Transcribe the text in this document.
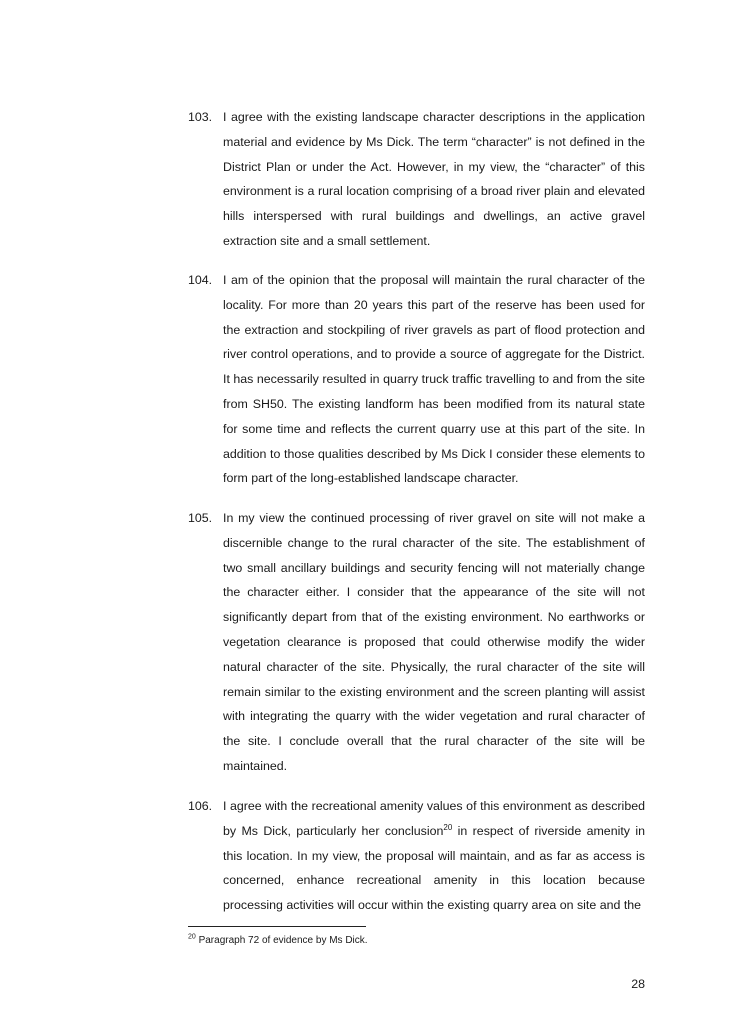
103. I agree with the existing landscape character descriptions in the application material and evidence by Ms Dick. The term “character” is not defined in the District Plan or under the Act. However, in my view, the “character” of this environment is a rural location comprising of a broad river plain and elevated hills interspersed with rural buildings and dwellings, an active gravel extraction site and a small settlement.
104. I am of the opinion that the proposal will maintain the rural character of the locality. For more than 20 years this part of the reserve has been used for the extraction and stockpiling of river gravels as part of flood protection and river control operations, and to provide a source of aggregate for the District. It has necessarily resulted in quarry truck traffic travelling to and from the site from SH50. The existing landform has been modified from its natural state for some time and reflects the current quarry use at this part of the site. In addition to those qualities described by Ms Dick I consider these elements to form part of the long-established landscape character.
105. In my view the continued processing of river gravel on site will not make a discernible change to the rural character of the site. The establishment of two small ancillary buildings and security fencing will not materially change the character either. I consider that the appearance of the site will not significantly depart from that of the existing environment. No earthworks or vegetation clearance is proposed that could otherwise modify the wider natural character of the site. Physically, the rural character of the site will remain similar to the existing environment and the screen planting will assist with integrating the quarry with the wider vegetation and rural character of the site. I conclude overall that the rural character of the site will be maintained.
106. I agree with the recreational amenity values of this environment as described by Ms Dick, particularly her conclusion$^{20}$ in respect of riverside amenity in this location. In my view, the proposal will maintain, and as far as access is concerned, enhance recreational amenity in this location because processing activities will occur within the existing quarry area on site and the
$^{20}$ Paragraph 72 of evidence by Ms Dick.
28
